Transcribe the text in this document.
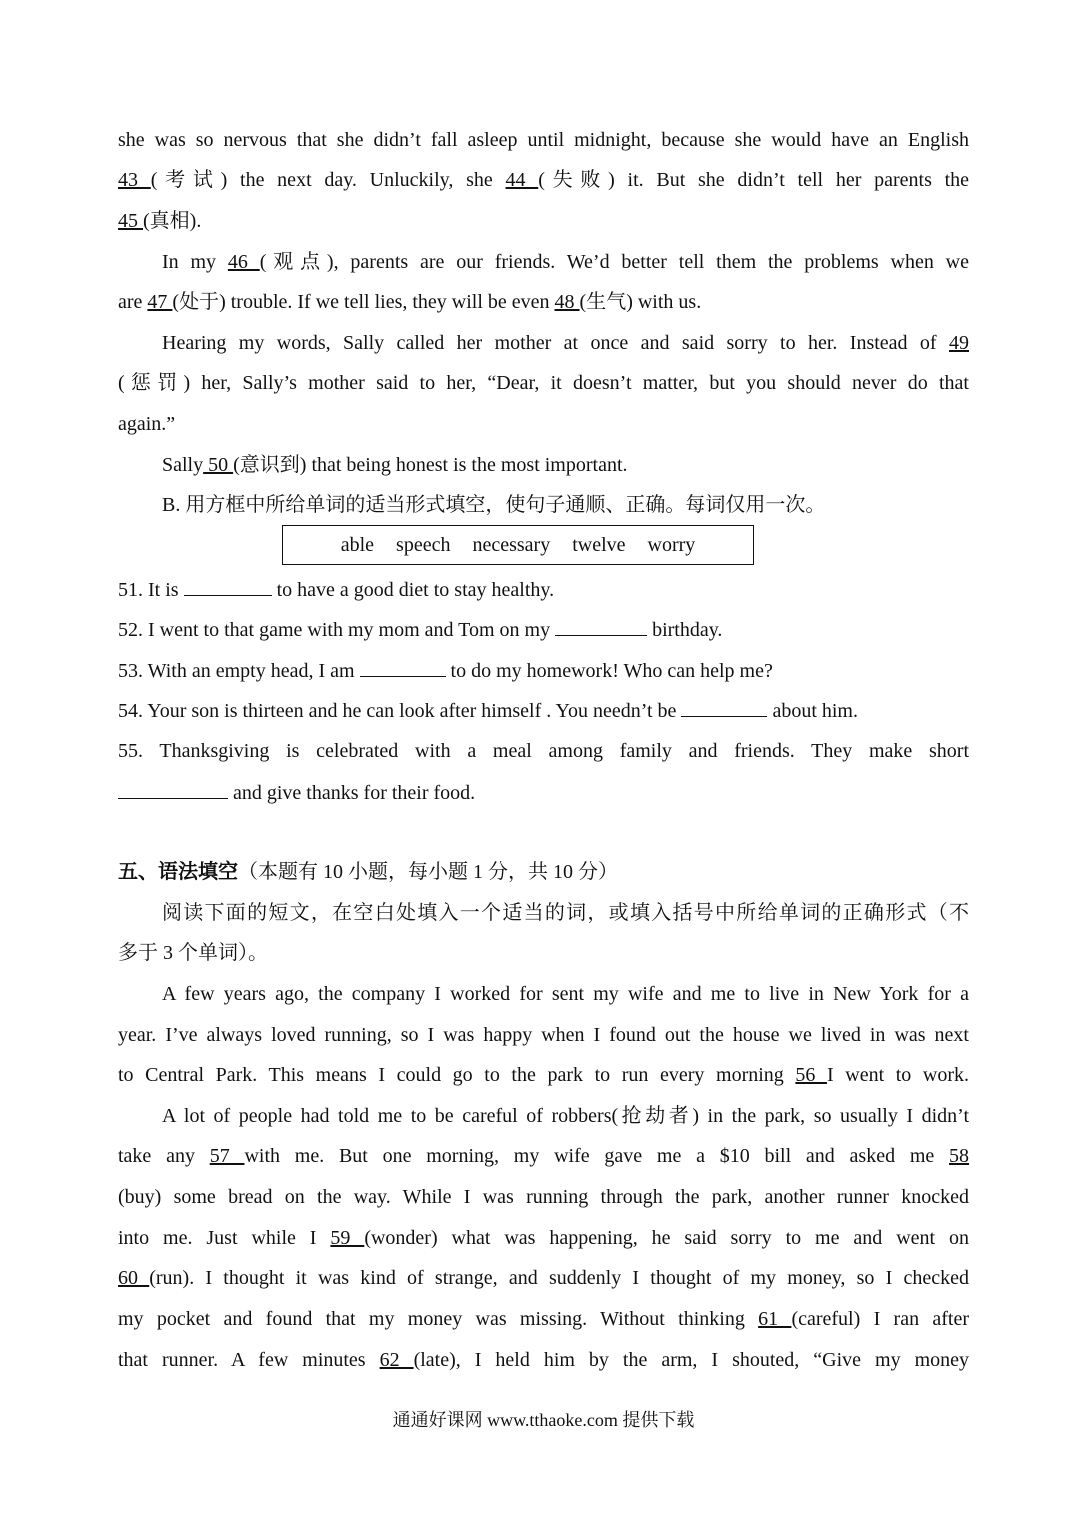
she was so nervous that she didn’t fall asleep until midnight, because she would have an English
43 (考试) the next day. Unluckily, she 44 (失败) it. But she didn’t tell her parents the
45 (真相).
In my 46 (观点), parents are our friends. We’d better tell them the problems when we
are 47 (处于) trouble. If we tell lies, they will be even 48 (生气) with us.
Hearing my words, Sally called her mother at once and said sorry to her. Instead of 49
(惩罚) her, Sally’s mother said to her, “Dear, it doesn’t matter, but you should never do that
again.”
Sally 50 (意识到) that being honest is the most important.
B. 用方框中所给单词的适当形式填空，使句子通顺、正确。每词仅用一次。
able speech necessary twelve worry
51. It is	to have a good diet to stay healthy.
52. I went to that game with my mom and Tom on my	birthday.
53. With an empty head, I am	to do my homework! Who can help me?
54. Your son is thirteen and he can look after himself . You needn’t be	about him.
55. Thanksgiving is celebrated with a meal among family and friends. They make short
and give thanks for their food.
五、语法填空（本题有 10 小题，每小题 1 分，共 10 分）
阅读下面的短文，在空白处填入一个适当的词，或填入括号中所给单词的正确形式（不
多于 3 个单词）。
A few years ago, the company I worked for sent my wife and me to live in New York for a
year. I’ve always loved running, so I was happy when I found out the house we lived in was next
to Central Park. This means I could go to the park to run every morning 56 I went to work.
A lot of people had told me to be careful of robbers(抢劫者) in the park, so usually I didn’t
take any 57 with me. But one morning, my wife gave me a $10 bill and asked me 58
(buy) some bread on the way. While I was running through the park, another runner knocked
into me. Just while I 59 (wonder) what was happening, he said sorry to me and went on
60 (run). I thought it was kind of strange, and suddenly I thought of my money, so I checked
my pocket and found that my money was missing. Without thinking 61 (careful) I ran after
that runner. A few minutes 62 (late), I held him by the arm, I shouted, “Give my money
通通好课网 www.tthaoke.com 提供下载
